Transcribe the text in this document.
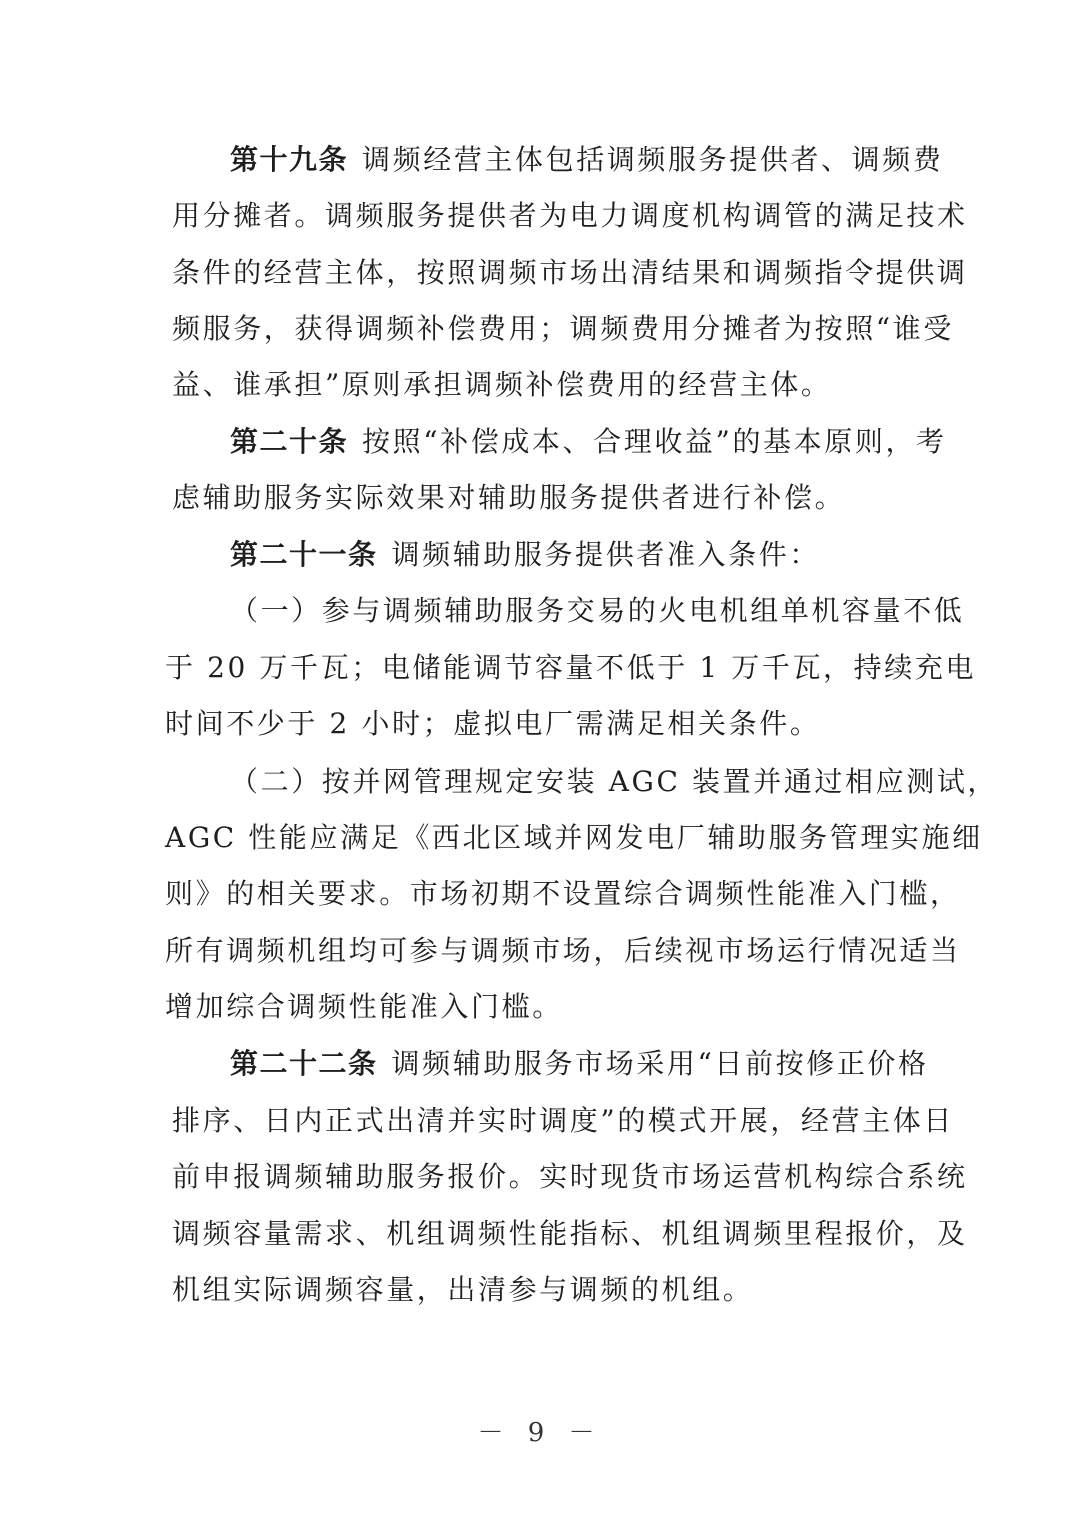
第十九条 调频经营主体包括调频服务提供者、调频费
用分摊者。调频服务提供者为电力调度机构调管的满足技术
条件的经营主体，按照调频市场出清结果和调频指令提供调
频服务，获得调频补偿费用；调频费用分摊者为按照“谁受
益、谁承担”原则承担调频补偿费用的经营主体。
第二十条 按照“补偿成本、合理收益”的基本原则，考
虑辅助服务实际效果对辅助服务提供者进行补偿。
第二十一条 调频辅助服务提供者准入条件：
（一）参与调频辅助服务交易的火电机组单机容量不低
于 20 万千瓦；电储能调节容量不低于 1 万千瓦，持续充电
时间不少于 2 小时；虚拟电厂需满足相关条件。
（二）按并网管理规定安装 AGC 装置并通过相应测试，
AGC 性能应满足《西北区域并网发电厂辅助服务管理实施细
则》的相关要求。市场初期不设置综合调频性能准入门槛，
所有调频机组均可参与调频市场，后续视市场运行情况适当
增加综合调频性能准入门槛。
第二十二条 调频辅助服务市场采用“日前按修正价格
排序、日内正式出清并实时调度”的模式开展，经营主体日
前申报调频辅助服务报价。实时现货市场运营机构综合系统
调频容量需求、机组调频性能指标、机组调频里程报价，及
机组实际调频容量，出清参与调频的机组。
－ 9 －
